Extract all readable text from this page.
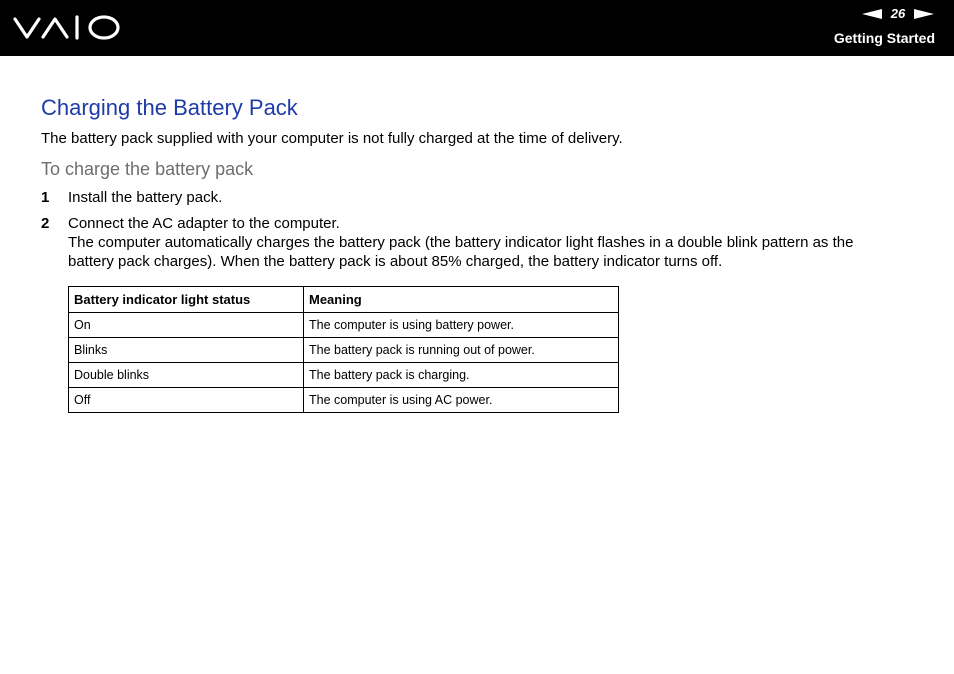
26
Getting Started
Charging the Battery Pack

The battery pack supplied with your computer is not fully charged at the time of delivery.

To charge the battery pack
1 Install the battery pack.
2 Connect the AC adapter to the computer.
The computer automatically charges the battery pack (the battery indicator light flashes in a double blink pattern as the
battery pack charges). When the battery pack is about 85% charged, the battery indicator turns off.
Battery indicator light status	Meaning
On	The computer is using battery power.
Blinks	The battery pack is running out of power.
Double blinks	The battery pack is charging.
Off	The computer is using AC power.
